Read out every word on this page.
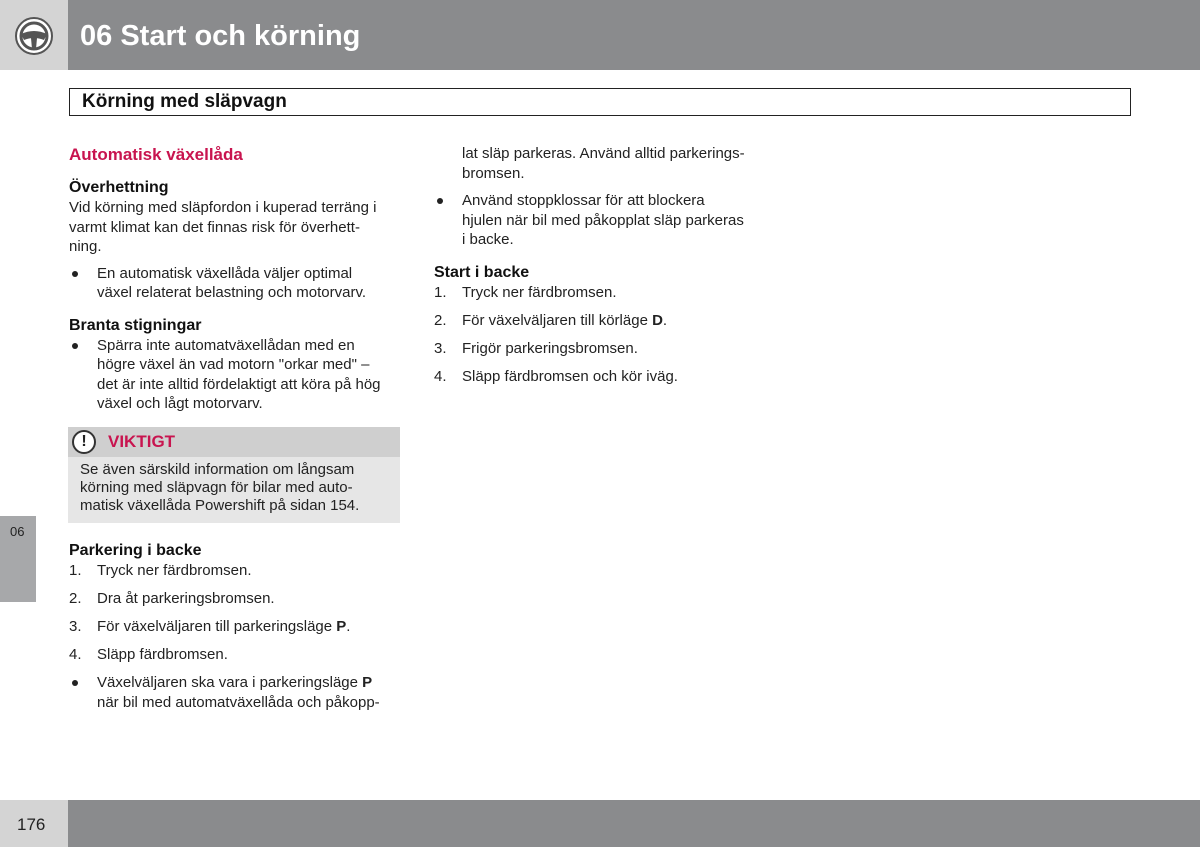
06 Start och körning
Körning med släpvagn
06
Automatisk växellåda
Överhettning
Vid körning med släpfordon i kuperad terräng i
varmt klimat kan det finnas risk för överhett-
ning.
En automatisk växellåda väljer optimal
växel relaterat belastning och motorvarv.
Branta stigningar
Spärra inte automatväxellådan med en
högre växel än vad motorn "orkar med" –
det är inte alltid fördelaktigt att köra på hög
växel och lågt motorvarv.
!	VIKTIGT
Se även särskild information om långsam
körning med släpvagn för bilar med auto-
matisk växellåda Powershift på sidan 154.
Parkering i backe
1. Tryck ner färdbromsen.
2. Dra åt parkeringsbromsen.
3. För växelväljaren till parkeringsläge P.
4. Släpp färdbromsen.
Växelväljaren ska vara i parkeringsläge P
när bil med automatväxellåda och påkopp-
lat släp parkeras. Använd alltid parkerings-
bromsen.
Använd stoppklossar för att blockera
hjulen när bil med påkopplat släp parkeras
i backe.
Start i backe
1. Tryck ner färdbromsen.
2. För växelväljaren till körläge D.
3. Frigör parkeringsbromsen.
4. Släpp färdbromsen och kör iväg.
176
